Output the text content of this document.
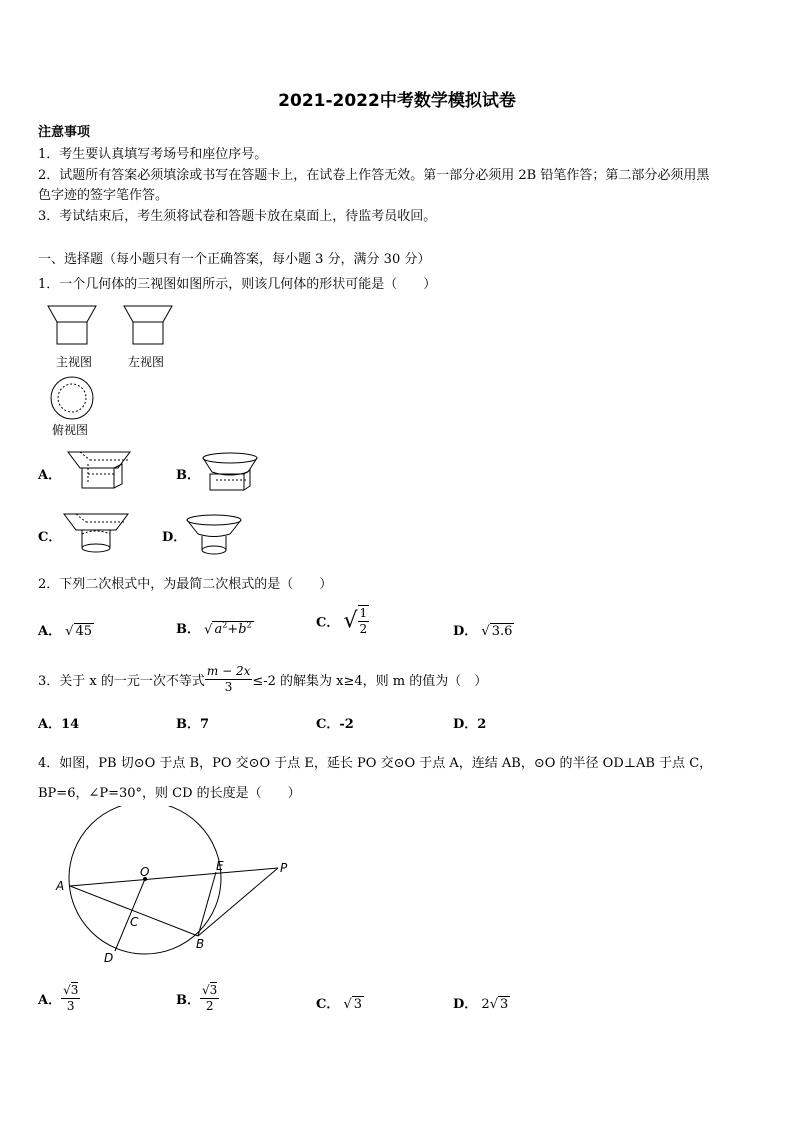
2021-2022中考数学模拟试卷
注意事项
1．考生要认真填写考场号和座位序号。
2．试题所有答案必须填涂或书写在答题卡上，在试卷上作答无效。第一部分必须用 2B 铅笔作答；第二部分必须用黑
色字迹的签字笔作答。
3．考试结束后，考生须将试卷和答题卡放在桌面上，待监考员收回。
一、选择题（每小题只有一个正确答案，每小题 3 分，满分 30 分）
1．一个几何体的三视图如图所示，则该几何体的形状可能是（　　）
主视图	左视图
俯视图
A．	B．
C．	D．
2．下列二次根式中，为最简二次根式的是（　　）
A． √ 45	B． √ $a^2+b^2$	C． √ $\frac{1}{2}$	D． √ 3.6
3．关于 x 的一元一次不等式 $\frac{m - 2x}{3} \le-2$ 的解集为 x≥4，则 m 的值为（　）
A．14	B．7	C．-2	D．2
4．如图，PB 切⊙O 于点 B，PO 交⊙O 于点 E，延长 PO 交⊙O 于点 A，连结 AB，⊙O 的半径 OD⊥AB 于点 C，
BP=6，∠P=30°，则 CD 的长度是（　　）
A
O	E	P
C
B
D
A． $\frac{√3}{3}$	B． $\frac{√3}{2}$	C． √ 3	D． 2√ 3
